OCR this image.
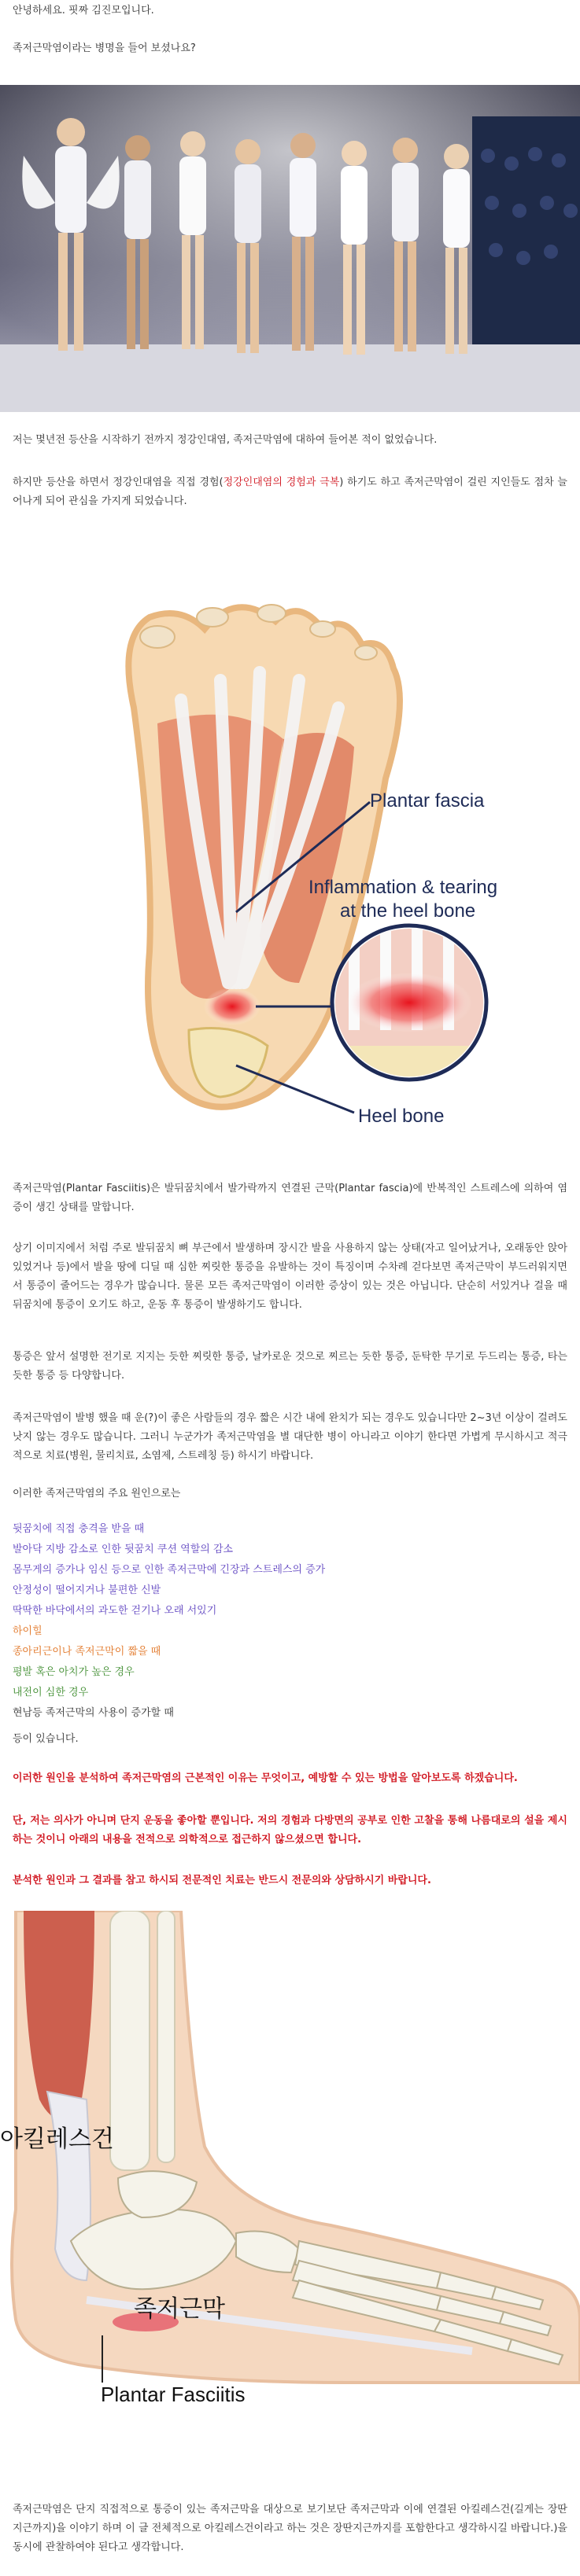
안녕하세요. 핏짜 김진모입니다.

족저근막염이라는 병명을 들어 보셨나요?

저는 몇년전 등산을 시작하기 전까지 정강인대염, 족저근막염에 대하여 들어본 적이 없었습니다.

하지만 등산을 하면서 정강인대염을 직접 경험(정강인대염의 경험과 극복) 하기도 하고 족저근막염이 걸린 지인들도 점차 늘어나게 되어 관심을 가지게 되었습니다.

Plantar fascia
Inflammation & tearing
at the heel bone
Heel bone

족저근막염(Plantar Fasciitis)은 발뒤꿈치에서 발가락까지 연결된 근막(Plantar fascia)에 반복적인 스트레스에 의하여 염증이 생긴 상태를 말합니다.

상기 이미지에서 처럼 주로 발뒤꿈치 뼈 부근에서 발생하며 장시간 발을 사용하지 않는 상태(자고 일어났거나, 오래동안 앉아 있었거나 등)에서 발을 땅에 디딜 때 심한 찌릿한 통증을 유발하는 것이 특징이며 수차례 걷다보면 족저근막이 부드러워지면서 통증이 줄어드는 경우가 많습니다. 물론 모든 족저근막염이 이러한 증상이 있는 것은 아닙니다. 단순히 서있거나 걸을 때 뒤꿈치에 통증이 오기도 하고, 운동 후 통증이 발생하기도 합니다.

통증은 앞서 설명한 전기로 지지는 듯한 찌릿한 통증, 날카로운 것으로 찌르는 듯한 통증, 둔탁한 무기로 두드리는 통증, 타는 듯한 통증 등 다양합니다.

족저근막염이 발병 했을 때 운(?)이 좋은 사람들의 경우 짧은 시간 내에 완치가 되는 경우도 있습니다만 2~3년 이상이 걸려도 낫지 않는 경우도 많습니다. 그러니 누군가가 족저근막염을 별 대단한 병이 아니라고 이야기 한다면 가볍게 무시하시고 적극적으로 치료(병원, 물리치료, 소염제, 스트레칭 등) 하시기 바랍니다.

이러한 족저근막염의 주요 원인으로는

뒷꿈치에 직접 충격을 받을 때
발아닥 지방 감소로 인한 뒷꿈치 쿠션 역할의 감소
몸무게의 증가나 임신 등으로 인한 족저근막에 긴장과 스트레스의 증가
안정성이 떨어지거나 불편한 신발
딱딱한 바닥에서의 과도한 걷기나 오래 서있기
하이힐
종아리근이나 족저근막이 짧을 때
평발 혹은 아치가 높은 경우
내전이 심한 경우
현남등 족저근막의 사용이 증가할 때

등이 있습니다.

이러한 원인을 분석하여 족저근막염의 근본적인 이유는 무엇이고, 예방할 수 있는 방법을 알아보도록 하겠습니다.

단, 저는 의사가 아니며 단지 운동을 좋아할 뿐입니다. 저의 경험과 다방면의 공부로 인한 고찰을 통해 나름대로의 설을 제시하는 것이니 아래의 내용을 전적으로 의학적으로 접근하지 않으셨으면 합니다.

분석한 원인과 그 결과를 참고 하시되 전문적인 치료는 반드시 전문의와 상담하시기 바랍니다.

아킬레스건
족저근막
Plantar Fasciitis

족저근막염은 단지 직접적으로 통증이 있는 족저근막을 대상으로 보기보단 족저근막과 이에 연결된 아킬레스건(길게는 장딴지근까지)을 이야기 하며 이 글 전체적으로 아킬레스건이라고 하는 것은 장딴지근까지를 포함한다고 생각하시길 바랍니다.)을 동시에 관찰하여야 된다고 생각합니다.
